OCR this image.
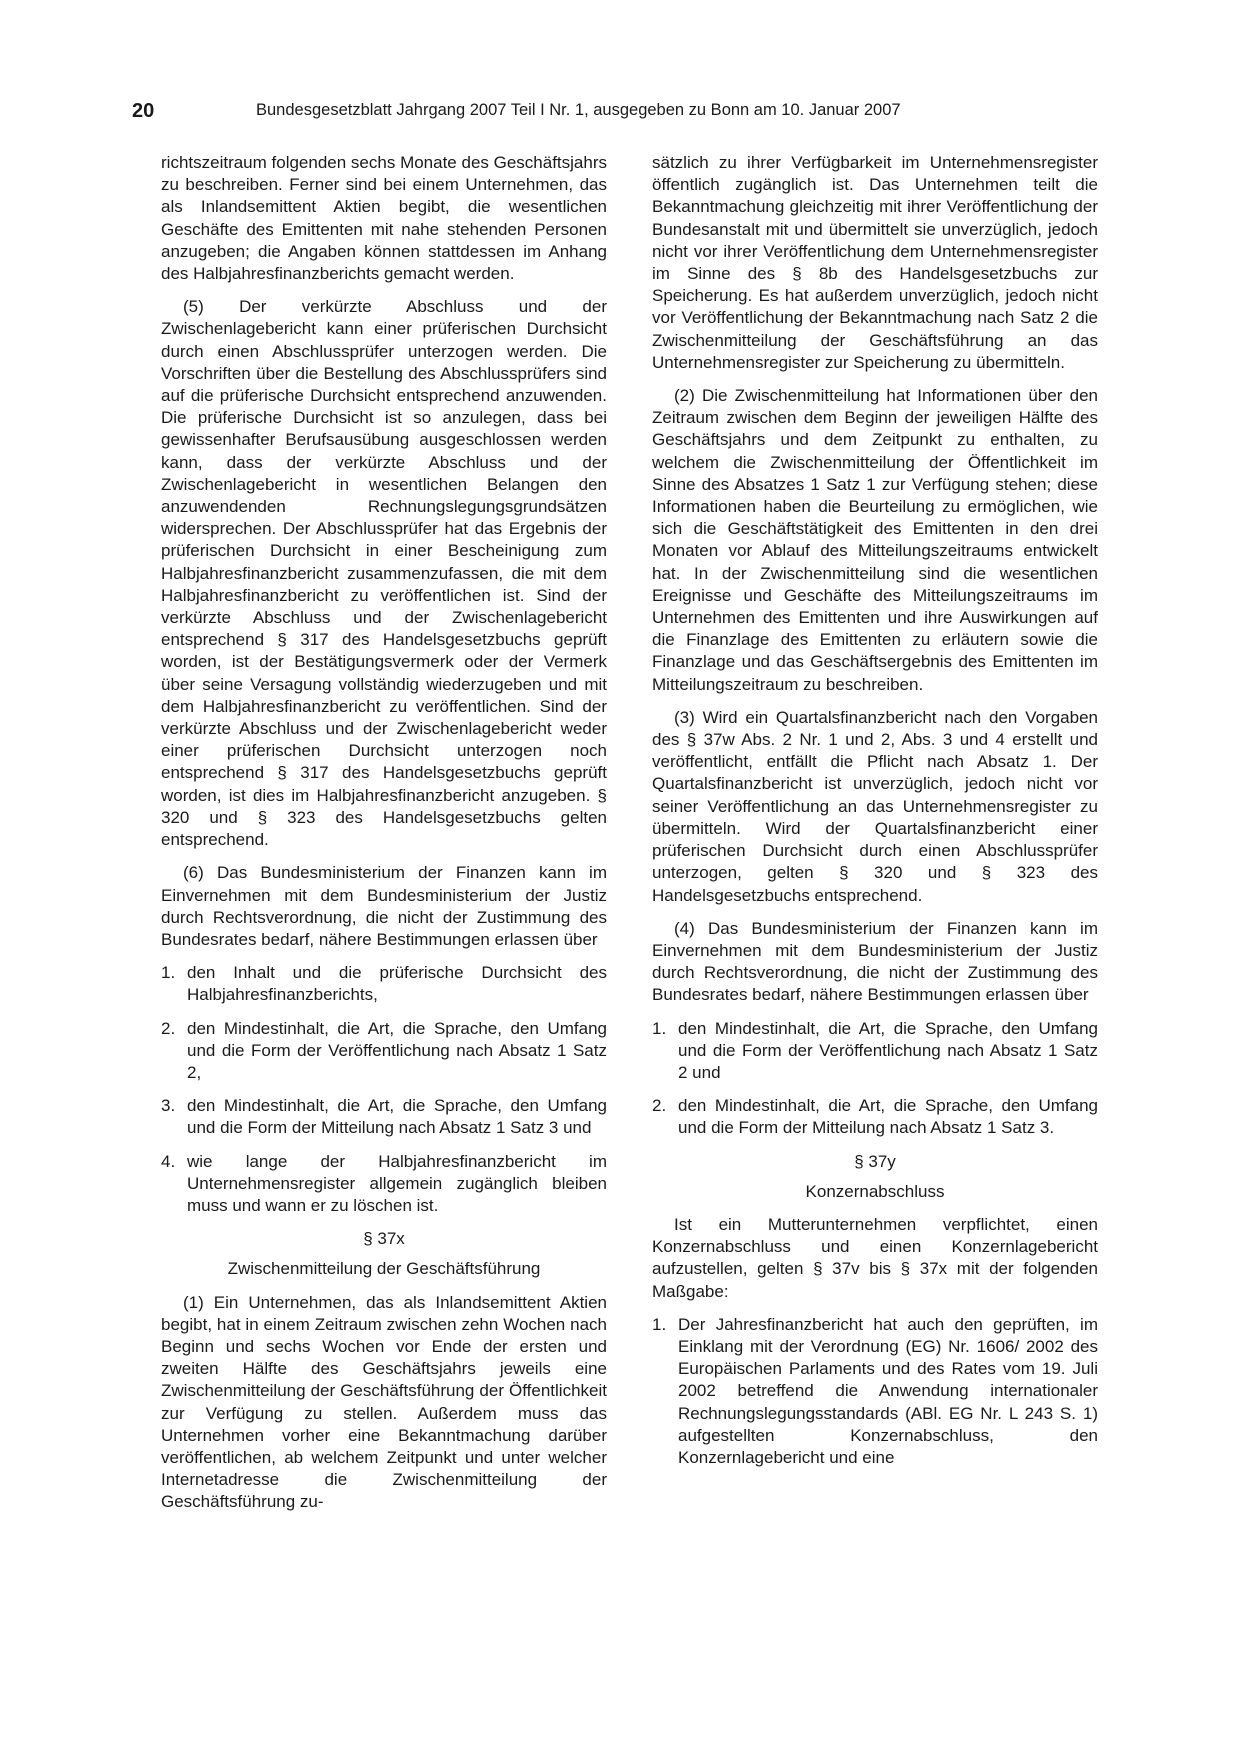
20	Bundesgesetzblatt Jahrgang 2007 Teil I Nr. 1, ausgegeben zu Bonn am 10. Januar 2007

richtszeitraum folgenden sechs Monate des Geschäftsjahrs zu beschreiben. Ferner sind bei einem Unternehmen, das als Inlandsemittent Aktien begibt, die wesentlichen Geschäfte des Emittenten mit nahe stehenden Personen anzugeben; die Angaben können stattdessen im Anhang des Halbjahresfinanzberichts gemacht werden.

(5) Der verkürzte Abschluss und der Zwischenlagebericht kann einer prüferischen Durchsicht durch einen Abschlussprüfer unterzogen werden. Die Vorschriften über die Bestellung des Abschlussprüfers sind auf die prüferische Durchsicht entsprechend anzuwenden. Die prüferische Durchsicht ist so anzulegen, dass bei gewissenhafter Berufsausübung ausgeschlossen werden kann, dass der verkürzte Abschluss und der Zwischenlagebericht in wesentlichen Belangen den anzuwendenden Rechnungslegungsgrundsätzen widersprechen. Der Abschlussprüfer hat das Ergebnis der prüferischen Durchsicht in einer Bescheinigung zum Halbjahresfinanzbericht zusammenzufassen, die mit dem Halbjahresfinanzbericht zu veröffentlichen ist. Sind der verkürzte Abschluss und der Zwischenlagebericht entsprechend § 317 des Handelsgesetzbuchs geprüft worden, ist der Bestätigungsvermerk oder der Vermerk über seine Versagung vollständig wiederzugeben und mit dem Halbjahresfinanzbericht zu veröffentlichen. Sind der verkürzte Abschluss und der Zwischenlagebericht weder einer prüferischen Durchsicht unterzogen noch entsprechend § 317 des Handelsgesetzbuchs geprüft worden, ist dies im Halbjahresfinanzbericht anzugeben. § 320 und § 323 des Handelsgesetzbuchs gelten entsprechend.

(6) Das Bundesministerium der Finanzen kann im Einvernehmen mit dem Bundesministerium der Justiz durch Rechtsverordnung, die nicht der Zustimmung des Bundesrates bedarf, nähere Bestimmungen erlassen über

1. den Inhalt und die prüferische Durchsicht des Halbjahresfinanzberichts,
2. den Mindestinhalt, die Art, die Sprache, den Umfang und die Form der Veröffentlichung nach Absatz 1 Satz 2,
3. den Mindestinhalt, die Art, die Sprache, den Umfang und die Form der Mitteilung nach Absatz 1 Satz 3 und
4. wie lange der Halbjahresfinanzbericht im Unternehmensregister allgemein zugänglich bleiben muss und wann er zu löschen ist.
§ 37x
Zwischenmitteilung der Geschäftsführung

(1) Ein Unternehmen, das als Inlandsemittent Aktien begibt, hat in einem Zeitraum zwischen zehn Wochen nach Beginn und sechs Wochen vor Ende der ersten und zweiten Hälfte des Geschäftsjahrs jeweils eine Zwischenmitteilung der Geschäftsführung der Öffentlichkeit zur Verfügung zu stellen. Außerdem muss das Unternehmen vorher eine Bekanntmachung darüber veröffentlichen, ab welchem Zeitpunkt und unter welcher Internetadresse die Zwischenmitteilung der Geschäftsführung zu-

sätzlich zu ihrer Verfügbarkeit im Unternehmensregister öffentlich zugänglich ist. Das Unternehmen teilt die Bekanntmachung gleichzeitig mit ihrer Veröffentlichung der Bundesanstalt mit und übermittelt sie unverzüglich, jedoch nicht vor ihrer Veröffentlichung dem Unternehmensregister im Sinne des § 8b des Handelsgesetzbuchs zur Speicherung. Es hat außerdem unverzüglich, jedoch nicht vor Veröffentlichung der Bekanntmachung nach Satz 2 die Zwischenmitteilung der Geschäftsführung an das Unternehmensregister zur Speicherung zu übermitteln.

(2) Die Zwischenmitteilung hat Informationen über den Zeitraum zwischen dem Beginn der jeweiligen Hälfte des Geschäftsjahrs und dem Zeitpunkt zu enthalten, zu welchem die Zwischenmitteilung der Öffentlichkeit im Sinne des Absatzes 1 Satz 1 zur Verfügung stehen; diese Informationen haben die Beurteilung zu ermöglichen, wie sich die Geschäftstätigkeit des Emittenten in den drei Monaten vor Ablauf des Mitteilungszeitraums entwickelt hat. In der Zwischenmitteilung sind die wesentlichen Ereignisse und Geschäfte des Mitteilungszeitraums im Unternehmen des Emittenten und ihre Auswirkungen auf die Finanzlage des Emittenten zu erläutern sowie die Finanzlage und das Geschäftsergebnis des Emittenten im Mitteilungszeitraum zu beschreiben.

(3) Wird ein Quartalsfinanzbericht nach den Vorgaben des § 37w Abs. 2 Nr. 1 und 2, Abs. 3 und 4 erstellt und veröffentlicht, entfällt die Pflicht nach Absatz 1. Der Quartalsfinanzbericht ist unverzüglich, jedoch nicht vor seiner Veröffentlichung an das Unternehmensregister zu übermitteln. Wird der Quartalsfinanzbericht einer prüferischen Durchsicht durch einen Abschlussprüfer unterzogen, gelten § 320 und § 323 des Handelsgesetzbuchs entsprechend.

(4) Das Bundesministerium der Finanzen kann im Einvernehmen mit dem Bundesministerium der Justiz durch Rechtsverordnung, die nicht der Zustimmung des Bundesrates bedarf, nähere Bestimmungen erlassen über

1. den Mindestinhalt, die Art, die Sprache, den Umfang und die Form der Veröffentlichung nach Absatz 1 Satz 2 und
2. den Mindestinhalt, die Art, die Sprache, den Umfang und die Form der Mitteilung nach Absatz 1 Satz 3.
§ 37y
Konzernabschluss

Ist ein Mutterunternehmen verpflichtet, einen Konzernabschluss und einen Konzernlagebericht aufzustellen, gelten § 37v bis § 37x mit der folgenden Maßgabe:

1. Der Jahresfinanzbericht hat auch den geprüften, im Einklang mit der Verordnung (EG) Nr. 1606/ 2002 des Europäischen Parlaments und des Rates vom 19. Juli 2002 betreffend die Anwendung internationaler Rechnungslegungsstandards (ABl. EG Nr. L 243 S. 1) aufgestellten Konzernabschluss, den Konzernlagebericht und eine
